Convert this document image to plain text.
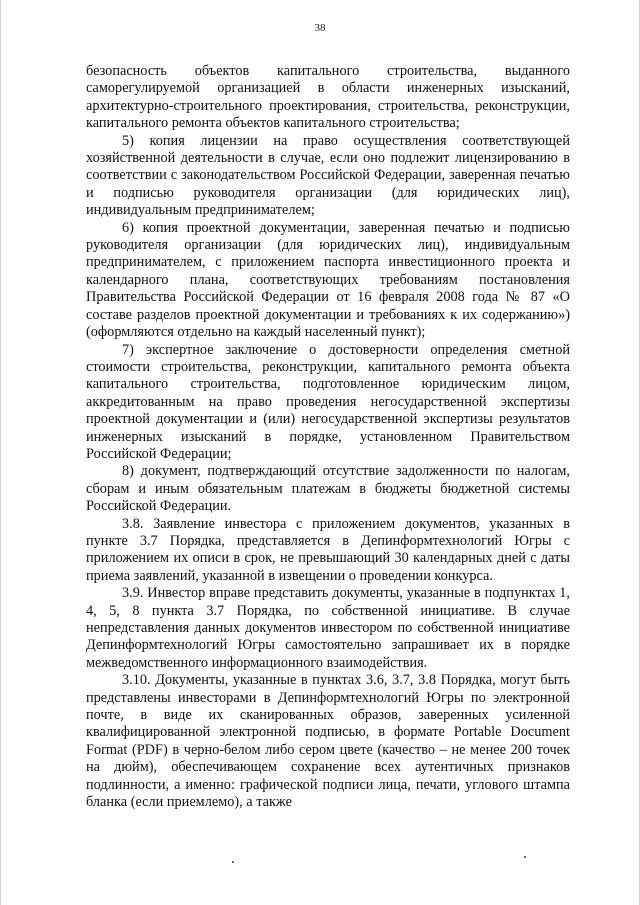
38

безопасность объектов капитального строительства, выданного саморегулируемой организацией в области инженерных изысканий, архитектурно-строительного проектирования, строительства, реконструкции, капитального ремонта объектов капитального строительства;

5) копия лицензии на право осуществления соответствующей хозяйственной деятельности в случае, если оно подлежит лицензированию в соответствии с законодательством Российской Федерации, заверенная печатью и подписью руководителя организации (для юридических лиц), индивидуальным предпринимателем;

6) копия проектной документации, заверенная печатью и подписью руководителя организации (для юридических лиц), индивидуальным предпринимателем, с приложением паспорта инвестиционного проекта и календарного плана, соответствующих требованиям постановления Правительства Российской Федерации от 16 февраля 2008 года № 87 «О составе разделов проектной документации и требованиях к их содержанию») (оформляются отдельно на каждый населенный пункт);

7) экспертное заключение о достоверности определения сметной стоимости строительства, реконструкции, капитального ремонта объекта капитального строительства, подготовленное юридическим лицом, аккредитованным на право проведения негосударственной экспертизы проектной документации и (или) негосударственной экспертизы результатов инженерных изысканий в порядке, установленном Правительством Российской Федерации;

8) документ, подтверждающий отсутствие задолженности по налогам, сборам и иным обязательным платежам в бюджеты бюджетной системы Российской Федерации.

3.8. Заявление инвестора с приложением документов, указанных в пункте 3.7 Порядка, представляется в Депинформтехнологий Югры с приложением их описи в срок, не превышающий 30 календарных дней с даты приема заявлений, указанной в извещении о проведении конкурса.

3.9. Инвестор вправе представить документы, указанные в подпунктах 1, 4, 5, 8 пункта 3.7 Порядка, по собственной инициативе. В случае непредставления данных документов инвестором по собственной инициативе Депинформтехнологий Югры самостоятельно запрашивает их в порядке межведомственного информационного взаимодействия.

3.10. Документы, указанные в пунктах 3.6, 3.7, 3.8 Порядка, могут быть представлены инвесторами в Депинформтехнологий Югры по электронной почте, в виде их сканированных образов, заверенных усиленной квалифицированной электронной подписью, в формате Portable Document Format (PDF) в черно-белом либо сером цвете (качество – не менее 200 точек на дюйм), обеспечивающем сохранение всех аутентичных признаков подлинности, а именно: графической подписи лица, печати, углового штампа бланка (если приемлемо), а также
